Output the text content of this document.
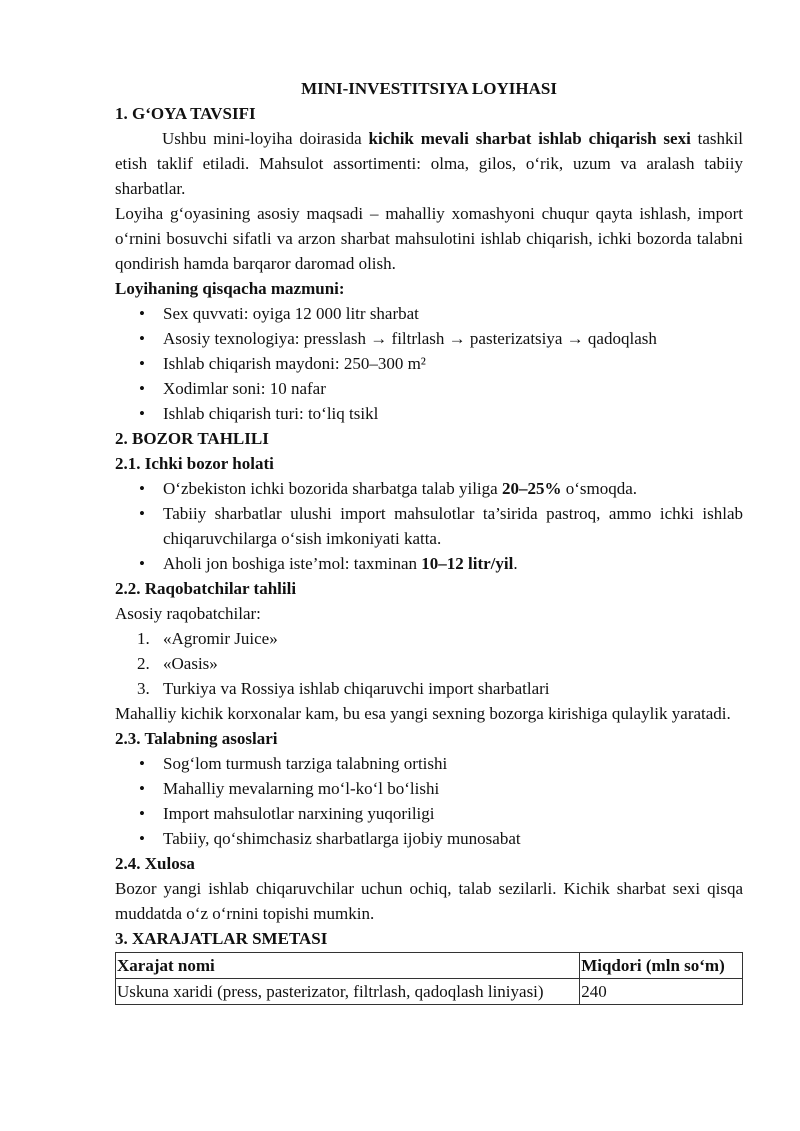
MINI-INVESTITSIYA LOYIHASI
1. G‘OYA TAVSIFI
Ushbu mini-loyiha doirasida kichik mevali sharbat ishlab chiqarish sexi tashkil etish taklif etiladi. Mahsulot assortimenti: olma, gilos, o‘rik, uzum va aralash tabiiy sharbatlar.
Loyiha g‘oyasining asosiy maqsadi – mahalliy xomashyoni chuqur qayta ishlash, import o‘rnini bosuvchi sifatli va arzon sharbat mahsulotini ishlab chiqarish, ichki bozorda talabni qondirish hamda barqaror daromad olish.
Loyihaning qisqacha mazmuni:
• Sex quvvati: oyiga 12 000 litr sharbat
• Asosiy texnologiya: presslash → filtrlash → pasterizatsiya → qadoqlash
• Ishlab chiqarish maydoni: 250–300 m²
• Xodimlar soni: 10 nafar
• Ishlab chiqarish turi: to‘liq tsikl
2. BOZOR TAHLILI
2.1. Ichki bozor holati
• O‘zbekiston ichki bozorida sharbatga talab yiliga 20–25% o‘smoqda.
• Tabiiy sharbatlar ulushi import mahsulotlar ta’sirida pastroq, ammo ichki ishlab chiqaruvchilarga o‘sish imkoniyati katta.
• Aholi jon boshiga iste’mol: taxminan 10–12 litr/yil.
2.2. Raqobatchilar tahlili
Asosiy raqobatchilar:
1. «Agromir Juice»
2. «Oasis»
3. Turkiya va Rossiya ishlab chiqaruvchi import sharbatlari
Mahalliy kichik korxonalar kam, bu esa yangi sexning bozorga kirishiga qulaylik yaratadi.
2.3. Talabning asoslari
• Sog‘lom turmush tarziga talabning ortishi
• Mahalliy mevalarning mo‘l-ko‘l bo‘lishi
• Import mahsulotlar narxining yuqoriligi
• Tabiiy, qo‘shimchasiz sharbatlarga ijobiy munosabat
2.4. Xulosa
Bozor yangi ishlab chiqaruvchilar uchun ochiq, talab sezilarli. Kichik sharbat sexi qisqa muddatda o‘z o‘rnini topishi mumkin.
3. XARAJATLAR SMETASI
Xarajat nomi	Miqdori (mln so‘m)
Uskuna xaridi (press, pasterizator, filtrlash, qadoqlash liniyasi)	240
